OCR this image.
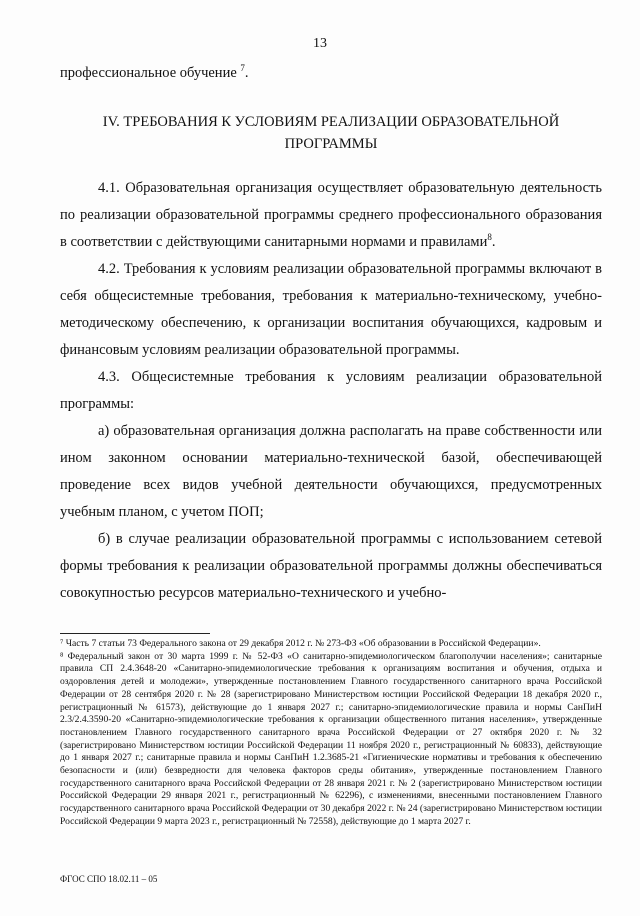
13

профессиональное обучение $^7$.

IV. ТРЕБОВАНИЯ К УСЛОВИЯМ РЕАЛИЗАЦИИ ОБРАЗОВАТЕЛЬНОЙ ПРОГРАММЫ

4.1. Образовательная организация осуществляет образовательную деятельность по реализации образовательной программы среднего профессионального образования в соответствии с действующими санитарными нормами и правилами$^8$.

4.2. Требования к условиям реализации образовательной программы включают в себя общесистемные требования, требования к материально-техническому, учебно-методическому обеспечению, к организации воспитания обучающихся, кадровым и финансовым условиям реализации образовательной программы.

4.3. Общесистемные требования к условиям реализации образовательной программы:

а) образовательная организация должна располагать на праве собственности или ином законном основании материально-технической базой, обеспечивающей проведение всех видов учебной деятельности обучающихся, предусмотренных учебным планом, с учетом ПОП;

б) в случае реализации образовательной программы с использованием сетевой формы требования к реализации образовательной программы должны обеспечиваться совокупностью ресурсов материально-технического и учебно-

⁷ Часть 7 статьи 73 Федерального закона от 29 декабря 2012 г. № 273-ФЗ «Об образовании в Российской Федерации».

⁸ Федеральный закон от 30 марта 1999 г. № 52-ФЗ «О санитарно-эпидемиологическом благополучии населения»; санитарные правила СП 2.4.3648-20 «Санитарно-эпидемиологические требования к организациям воспитания и обучения, отдыха и оздоровления детей и молодежи», утвержденные постановлением Главного государственного санитарного врача Российской Федерации от 28 сентября 2020 г. № 28 (зарегистрировано Министерством юстиции Российской Федерации 18 декабря 2020 г., регистрационный № 61573), действующие до 1 января 2027 г.; санитарно-эпидемиологические правила и нормы СанПиН 2.3/2.4.3590-20 «Санитарно-эпидемиологические требования к организации общественного питания населения», утвержденные постановлением Главного государственного санитарного врача Российской Федерации от 27 октября 2020 г. № 32 (зарегистрировано Министерством юстиции Российской Федерации 11 ноября 2020 г., регистрационный № 60833), действующие до 1 января 2027 г.; санитарные правила и нормы СанПиН 1.2.3685-21 «Гигиенические нормативы и требования к обеспечению безопасности и (или) безвредности для человека факторов среды обитания», утвержденные постановлением Главного государственного санитарного врача Российской Федерации от 28 января 2021 г. № 2 (зарегистрировано Министерством юстиции Российской Федерации 29 января 2021 г., регистрационный № 62296), с изменениями, внесенными постановлением Главного государственного санитарного врача Российской Федерации от 30 декабря 2022 г. № 24 (зарегистрировано Министерством юстиции Российской Федерации 9 марта 2023 г., регистрационный № 72558), действующие до 1 марта 2027 г.

ФГОС СПО 18.02.11 – 05
